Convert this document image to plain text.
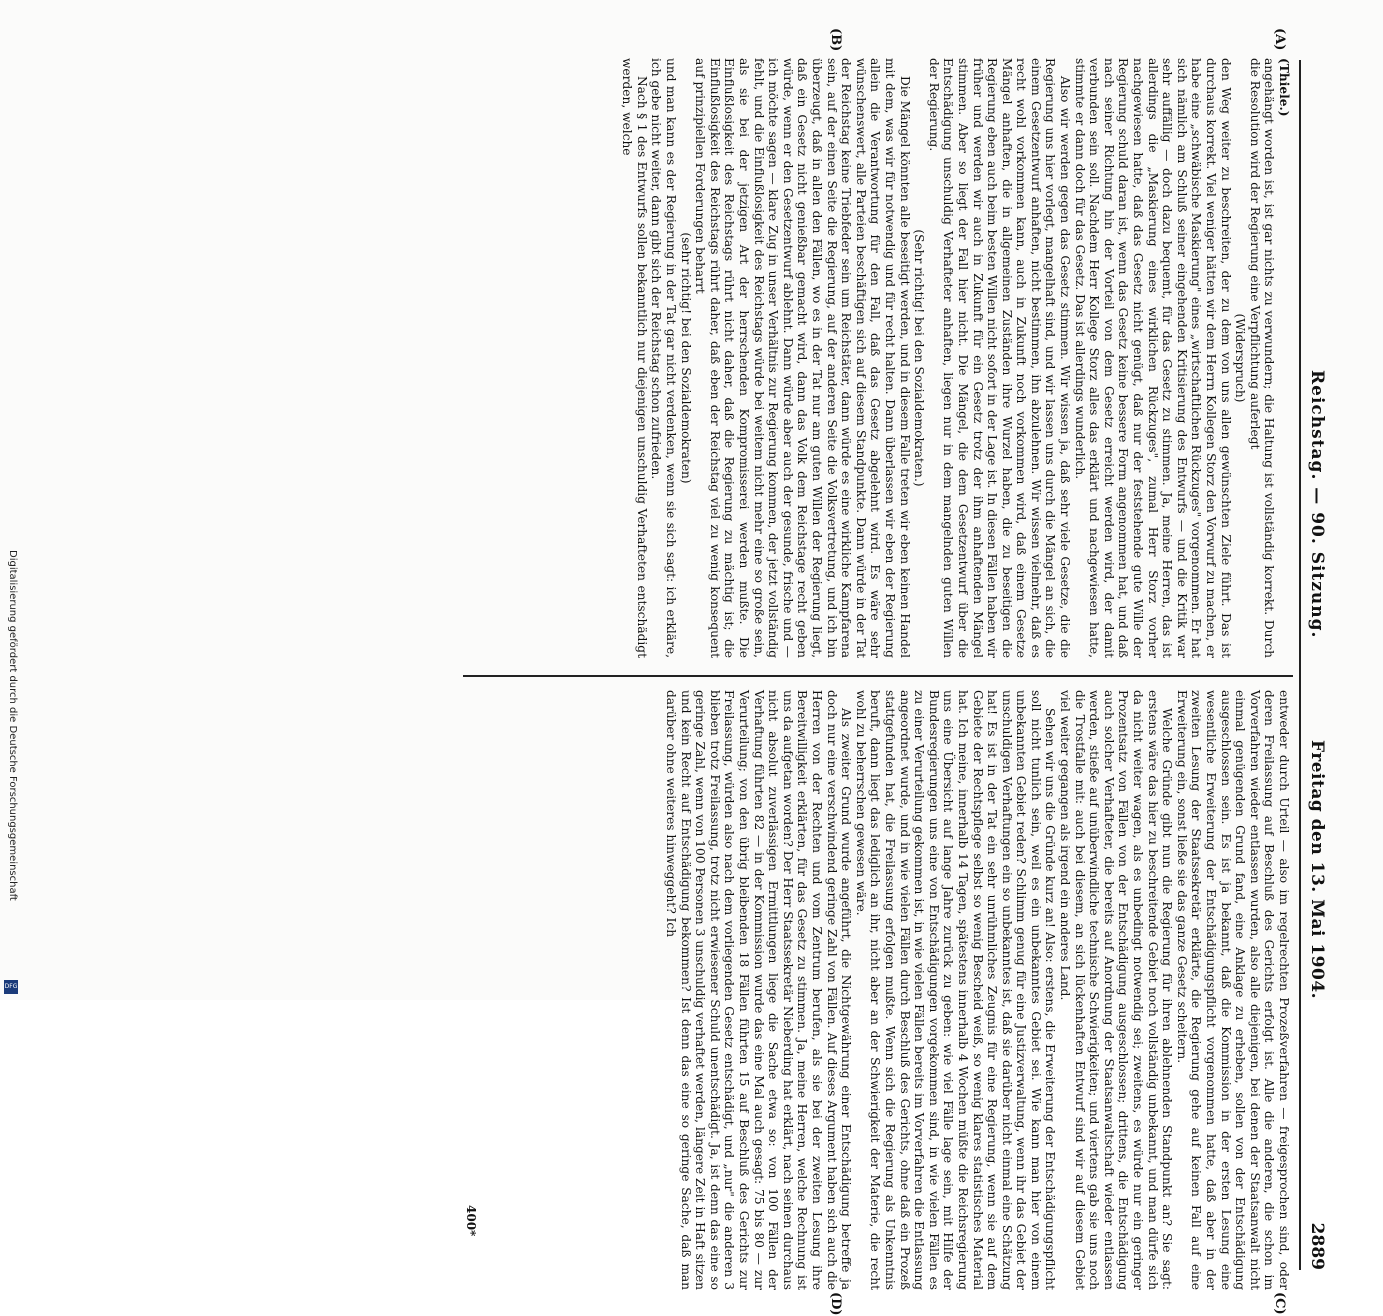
Reichstag. — 90. Sitzung.
Freitag den 13. Mai 1904.
2889
(A)
(B)
(C)
(D)

(Thiele.)

angehängt worden ist, ist gar nichts zu verwundern; die Haltung ist vollständig korrekt. Durch die Resolution wird der Regierung eine Verpflichtung auferlegt

(Widerspruch)

den Weg weiter zu beschreiten, der zu dem von uns allen gewünschten Ziele führt. Das ist durchaus korrekt. Viel weniger hätten wir dem Herrn Kollegen Storz den Vorwurf zu machen, er habe eine „schwäbische Maskierung" eines „wirtschaftlichen Rückzuges" vorgenommen. Er hat sich nämlich am Schluß seiner eingehenden Kritisierung des Entwurfs — und die Kritik war sehr auffällig — doch dazu bequemt, für das Gesetz zu stimmen. Ja, meine Herren, das ist allerdings die „Maskierung eines wirklichen Rückzuges", zumal Herr Storz vorher nachgewiesen hatte, daß das Gesetz nicht genügt, daß nur der feststehende gute Wille der Regierung schuld daran ist, wenn das Gesetz keine bessere Form angenommen hat, und daß nach seiner Richtung hin der Vorteil von dem Gesetz erreicht werden wird, der damit verbunden sein soll. Nachdem Herr Kollege Storz alles das erklärt und nachgewiesen hatte, stimmte er dann doch für das Gesetz. Das ist allerdings wunderlich.

Also wir werden gegen das Gesetz stimmen. Wir wissen ja, daß sehr viele Gesetze, die die Regierung uns hier vorlegt, mangelhaft sind, und wir lassen uns durch die Mängel an sich, die einem Gesetzentwurf anhaften, nicht bestimmen, ihn abzulehnen. Wir wissen vielmehr, daß es recht wohl vorkommen kann, auch in Zukunft noch vorkommen wird, daß einem Gesetze Mängel anhaften, die in allgemeinen Zuständen ihre Wurzel haben, die zu beseitigen die Regierung eben auch beim besten Willen nicht sofort in der Lage ist. In diesen Fällen haben wir früher und werden wir auch in Zukunft für ein Gesetz trotz der ihm anhaftenden Mängel stimmen. Aber so liegt der Fall hier nicht. Die Mängel, die dem Gesetzentwurf über die Entschädigung unschuldig Verhafteter anhaften, liegen nur in dem mangelnden guten Willen der Regierung.

(Sehr richtig! bei den Sozialdemokraten.)

Die Mängel könnten alle beseitigt werden, und in diesem Falle treten wir eben keinen Handel mit dem, was wir für notwendig und für recht halten. Dann überlassen wir eben der Regierung allein die Verantwortung für den Fall, daß das Gesetz abgelehnt wird. Es wäre sehr wünschenswert, alle Parteien beschäftigen sich auf diesem Standpunkte. Dann würde in der Tat der Reichstag keine Triebfeder sein um Reichstäter, dann würde es eine wirkliche Kampfarena sein, auf der einen Seite die Regierung, auf der anderen Seite die Volksvertretung, und ich bin überzeugt, daß in allen den Fällen, wo es in der Tat nur am guten Willen der Regierung liegt, daß ein Gesetz nicht genießbar gemacht wird, dann das Volk dem Reichstage recht geben würde, wenn er den Gesetzentwurf ablehnt. Dann würde aber auch der gesunde, frische und — ich möchte sagen — klare Zug in unser Verhältnis zur Regierung kommen, der jetzt vollständig fehlt, und die Einflußlosigkeit des Reichstags würde bei weitem nicht mehr eine so große sein, als sie bei der jetzigen Art der herrschenden Kompromisserei werden mußte. Die Einflußlosigkeit des Reichstags rührt nicht daher, daß die Regierung zu mächtig ist; die Einflußlosigkeit des Reichstags rührt daher, daß eben der Reichstag viel zu wenig konsequent auf prinzipiellen Forderungen beharrt

(sehr richtig! bei den Sozialdemokraten)

und man kann es der Regierung in der Tat gar nicht verdenken, wenn sie sich sagt: ich erkläre, ich gebe nicht weiter, dann gibt sich der Reichstag schon zufrieden.

Nach § 1 des Entwurfs sollen bekanntlich nur diejenigen unschuldig Verhafteten entschädigt werden, welche

entweder durch Urteil — also im regelrechten Prozeßverfahren — freigesprochen sind, oder deren Freilassung auf Beschluß des Gerichts erfolgt ist. Alle die anderen, die schon im Vorverfahren wieder entlassen wurden, also alle diejenigen, bei denen der Staatsanwalt nicht einmal genügenden Grund fand, eine Anklage zu erheben, sollen von der Entschädigung ausgeschlossen sein. Es ist ja bekannt, daß die Kommission in der ersten Lesung eine wesentliche Erweiterung der Entschädigungspflicht vorgenommen hatte, daß aber in der zweiten Lesung der Staatssekretär erklärte, die Regierung gehe auf keinen Fall auf eine Erweiterung ein, sonst ließe sie das ganze Gesetz scheitern.

Welche Gründe gibt nun die Regierung für ihren ablehnenden Standpunkt an? Sie sagt: erstens wäre das hier zu beschreitende Gebiet noch vollständig unbekannt, und man dürfe sich da nicht weiter wagen, als es unbedingt notwendig sei; zweitens, es würde nur ein geringer Prozentsatz von Fällen von der Entschädigung ausgeschlossen; drittens, die Entschädigung auch solcher Verhafteter, die bereits auf Anordnung der Staatsanwaltschaft wieder entlassen werden, stieße auf unüberwindliche technische Schwierigkeiten; und viertens gab sie uns noch die Trostfalle mit: auch bei diesem, an sich lückenhaften Entwurf sind wir auf diesem Gebiet viel weiter gegangen als irgend ein anderes Land.

Sehen wir uns die Gründe kurz an! Also: erstens, die Erweiterung der Entschädigungspflicht soll nicht tunlich sein, weil es ein unbekanntes Gebiet sei. Wie kann man hier von einem unbekannten Gebiet reden? Schlimm genug für eine Justizverwaltung, wenn ihr das Gebiet der unschuldigen Verhaftungen ein so unbekanntes ist, daß sie darüber nicht einmal eine Schätzung hat! Es ist in der Tat ein sehr unrühmliches Zeugnis für eine Regierung, wenn sie auf dem Gebiete der Rechtspflege selbst so wenig Bescheid weiß, so wenig klares statistisches Material hat. Ich meine, innerhalb 14 Tagen, spätestens innerhalb 4 Wochen müßte die Reichsregierung uns eine Übersicht auf lange Jahre zurück zu geben: wie viel Fälle lage sein, mit Hilfe der Bundesregierungen uns eine von Entschädigungen vorgekommen sind, in wie vielen Fällen es zu einer Verurteilung gekommen ist, in wie vielen Fällen bereits im Vorverfahren die Entlassung angeordnet wurde, und in wie vielen Fällen durch Beschluß des Gerichts, ohne daß ein Prozeß stattgefunden hat, die Freilassung erfolgen mußte. Wenn sich die Regierung als Unkenntnis beruft, dann liegt das lediglich an ihr, nicht aber an der Schwierigkeit der Materie, die recht wohl zu beherrschen gewesen wäre.

Als zweiter Grund wurde angeführt, die Nichtgewährung einer Entschädigung betreffe ja doch nur eine verschwindend geringe Zahl von Fällen. Auf dieses Argument haben sich auch die Herren von der Rechten und vom Zentrum berufen, als sie bei der zweiten Lesung ihre Bereitwilligkeit erklärten, für das Gesetz zu stimmen. Ja, meine Herren, welche Rechnung ist uns da aufgetan worden? Der Herr Staatssekretär Nieberding hat erklärt, nach seinen durchaus nicht absolut zuverlässigen Ermittlungen liege die Sache etwa so: von 100 Fällen der Verhaftung führten 82 — in der Kommission wurde das eine Mal auch gesagt: 75 bis 80 — zur Verurteilung; von den übrig bleibenden 18 Fällen führten 15 auf Beschluß des Gerichts zur Freilassung, würden also nach dem vorliegenden Gesetz entschädigt, und „nur" die anderen 3 blieben trotz Freilassung, trotz nicht erwiesener Schuld unentschädigt. Ja, ist denn das eine so geringe Zahl, wenn von 100 Personen 3 unschuldig verhaftet werden, längere Zeit in Haft sitzen und kein Recht auf Entschädigung bekommen? Ist denn das eine so geringe Sache, daß man darüber ohne weiteres hinweggeht? Ich

400*
Digitalisierung gefördert durch die Deutsche Forschungsgemeinschaft
DFG
